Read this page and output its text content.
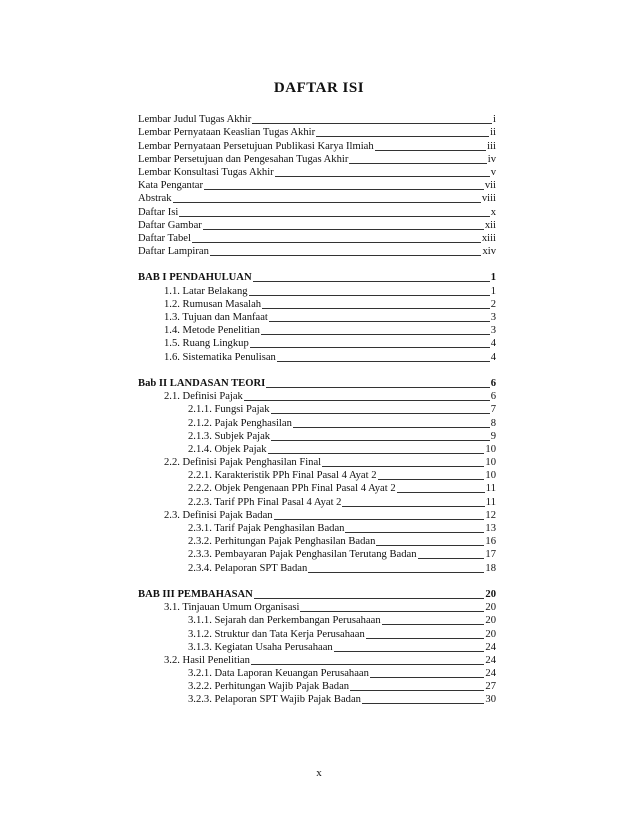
DAFTAR ISI
Lembar Judul Tugas Akhir	i
Lembar Pernyataan Keaslian Tugas Akhir	ii
Lembar Pernyataan Persetujuan Publikasi Karya Ilmiah	iii
Lembar Persetujuan dan Pengesahan Tugas Akhir	iv
Lembar Konsultasi Tugas Akhir	v
Kata Pengantar	vii
Abstrak	viii
Daftar Isi	x
Daftar Gambar	xii
Daftar Tabel	xiii
Daftar Lampiran	xiv
BAB I PENDAHULUAN	1
1.1. Latar Belakang	1
1.2. Rumusan Masalah	2
1.3. Tujuan dan Manfaat	3
1.4. Metode Penelitian	3
1.5. Ruang Lingkup	4
1.6. Sistematika Penulisan	4
Bab II LANDASAN TEORI	6
2.1. Definisi Pajak	6
2.1.1. Fungsi Pajak	7
2.1.2. Pajak Penghasilan	8
2.1.3. Subjek Pajak	9
2.1.4. Objek Pajak	10
2.2. Definisi Pajak Penghasilan Final	10
2.2.1. Karakteristik PPh Final Pasal 4 Ayat 2	10
2.2.2. Objek Pengenaan PPh Final Pasal 4 Ayat 2	11
2.2.3. Tarif PPh Final Pasal 4 Ayat 2	11
2.3. Definisi Pajak Badan	12
2.3.1. Tarif Pajak Penghasilan Badan	13
2.3.2. Perhitungan Pajak Penghasilan Badan	16
2.3.3. Pembayaran Pajak Penghasilan Terutang Badan	17
2.3.4. Pelaporan SPT Badan	18
BAB III PEMBAHASAN	20
3.1. Tinjauan Umum Organisasi	20
3.1.1. Sejarah dan Perkembangan Perusahaan	20
3.1.2. Struktur dan Tata Kerja Perusahaan	20
3.1.3. Kegiatan Usaha Perusahaan	24
3.2. Hasil Penelitian	24
3.2.1. Data Laporan Keuangan Perusahaan	24
3.2.2. Perhitungan Wajib Pajak Badan	27
3.2.3. Pelaporan SPT Wajib Pajak Badan	30
x
